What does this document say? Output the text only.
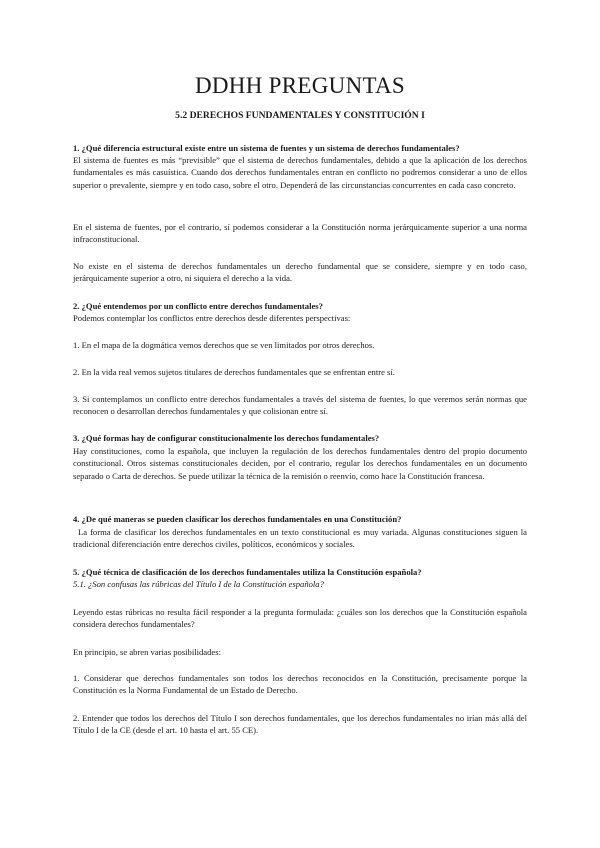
DDHH PREGUNTAS
5.2 DERECHOS FUNDAMENTALES Y CONSTITUCIÓN I

1. ¿Qué diferencia estructural existe entre un sistema de fuentes y un sistema de derechos fundamentales?

El sistema de fuentes es más “previsible” que el sistema de derechos fundamentales, debido a que la aplicación de los derechos fundamentales es más casuística. Cuando dos derechos fundamentales entran en conflicto no podremos considerar a uno de ellos superior o prevalente, siempre y en todo caso, sobre el otro. Dependerá de las circunstancias concurrentes en cada caso concreto.

En el sistema de fuentes, por el contrario, sí podemos considerar a la Constitución norma jerárquicamente superior a una norma infraconstitucional.

No existe en el sistema de derechos fundamentales un derecho fundamental que se considere, siempre y en todo caso, jerárquicamente superior a otro, ni siquiera el derecho a la vida.

2. ¿Qué entendemos por un conflicto entre derechos fundamentales?

Podemos contemplar los conflictos entre derechos desde diferentes perspectivas:

1. En el mapa de la dogmática vemos derechos que se ven limitados por otros derechos.

2. En la vida real vemos sujetos titulares de derechos fundamentales que se enfrentan entre sí.

3. Si contemplamos un conflicto entre derechos fundamentales a través del sistema de fuentes, lo que veremos serán normas que reconocen o desarrollan derechos fundamentales y que colisionan entre sí.

3. ¿Qué formas hay de configurar constitucionalmente los derechos fundamentales?

Hay constituciones, como la española, que incluyen la regulación de los derechos fundamentales dentro del propio documento constitucional. Otros sistemas constitucionales deciden, por el contrario, regular los derechos fundamentales en un documento separado o Carta de derechos. Se puede utilizar la técnica de la remisión o reenvío, como hace la Constitución francesa.

4. ¿De qué maneras se pueden clasificar los derechos fundamentales en una Constitución?

La forma de clasificar los derechos fundamentales en un texto constitucional es muy variada. Algunas constituciones siguen la tradicional diferenciación entre derechos civiles, políticos, económicos y sociales.

5. ¿Qué técnica de clasificación de los derechos fundamentales utiliza la Constitución española?

5.1. ¿Son confusas las rúbricas del Título I de la Constitución española?

Leyendo estas rúbricas no resulta fácil responder a la pregunta formulada: ¿cuáles son los derechos que la Constitución española considera derechos fundamentales?

En principio, se abren varias posibilidades:

1. Considerar que derechos fundamentales son todos los derechos reconocidos en la Constitución, precisamente porque la Constitución es la Norma Fundamental de un Estado de Derecho.

2. Entender que todos los derechos del Título I son derechos fundamentales, que los derechos fundamentales no irían más allá del Título I de la CE (desde el art. 10 hasta el art. 55 CE).
